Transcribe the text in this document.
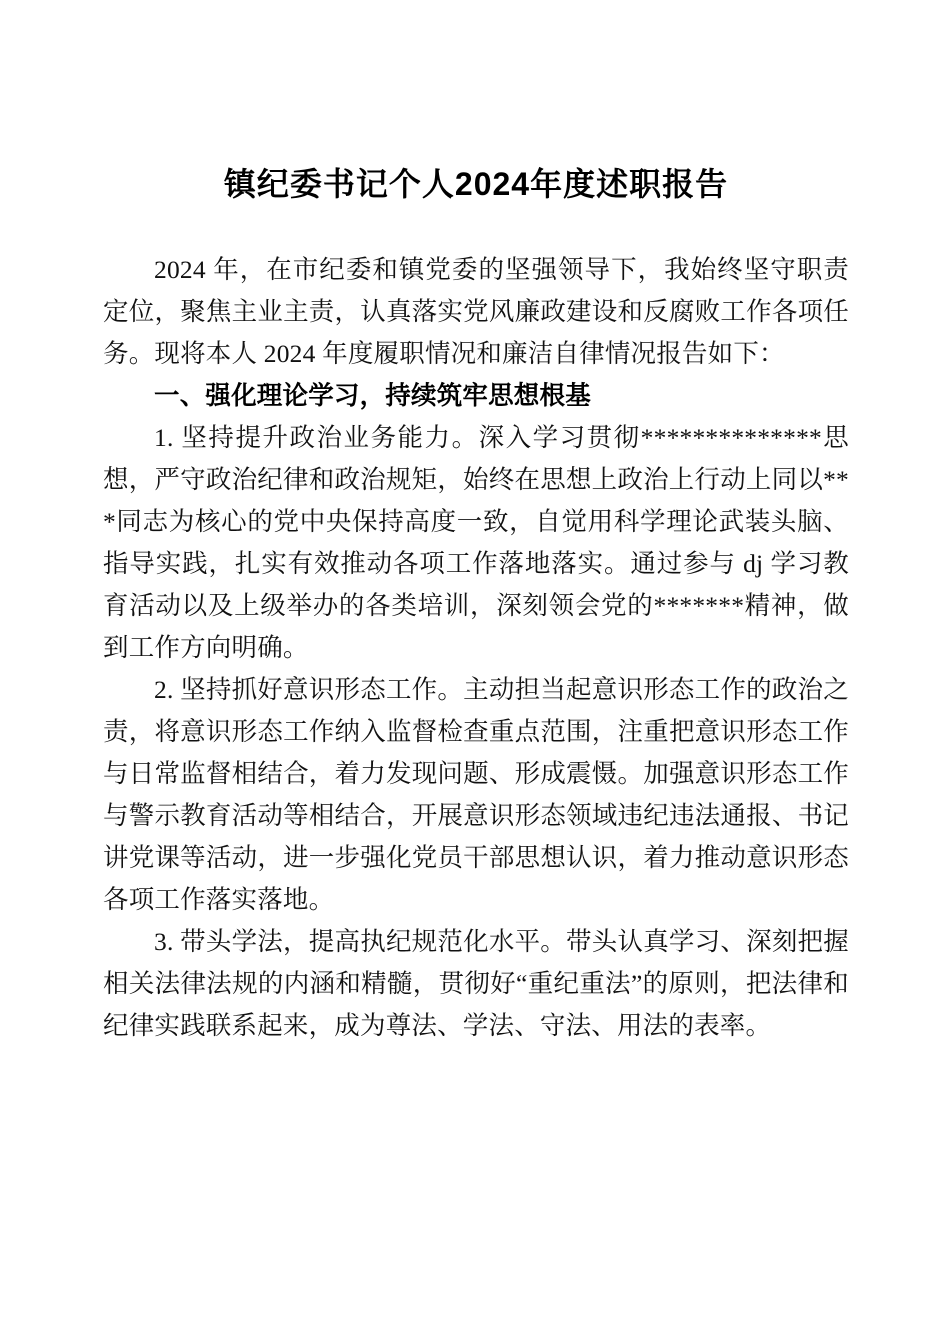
镇纪委书记个人2024年度述职报告

2024 年，在市纪委和镇党委的坚强领导下，我始终坚守职责定位，聚焦主业主责，认真落实党风廉政建设和反腐败工作各项任务。现将本人 2024 年度履职情况和廉洁自律情况报告如下：

一、强化理论学习，持续筑牢思想根基

1. 坚持提升政治业务能力。深入学习贯彻**************思想，严守政治纪律和政治规矩，始终在思想上政治上行动上同以***同志为核心的党中央保持高度一致，自觉用科学理论武装头脑、指导实践，扎实有效推动各项工作落地落实。通过参与 dj 学习教育活动以及上级举办的各类培训，深刻领会党的*******精神，做到工作方向明确。

2. 坚持抓好意识形态工作。主动担当起意识形态工作的政治之责，将意识形态工作纳入监督检查重点范围，注重把意识形态工作与日常监督相结合，着力发现问题、形成震慑。加强意识形态工作与警示教育活动等相结合，开展意识形态领域违纪违法通报、书记讲党课等活动，进一步强化党员干部思想认识，着力推动意识形态各项工作落实落地。

3. 带头学法，提高执纪规范化水平。带头认真学习、深刻把握相关法律法规的内涵和精髓，贯彻好“重纪重法”的原则，把法律和纪律实践联系起来，成为尊法、学法、守法、用法的表率。
